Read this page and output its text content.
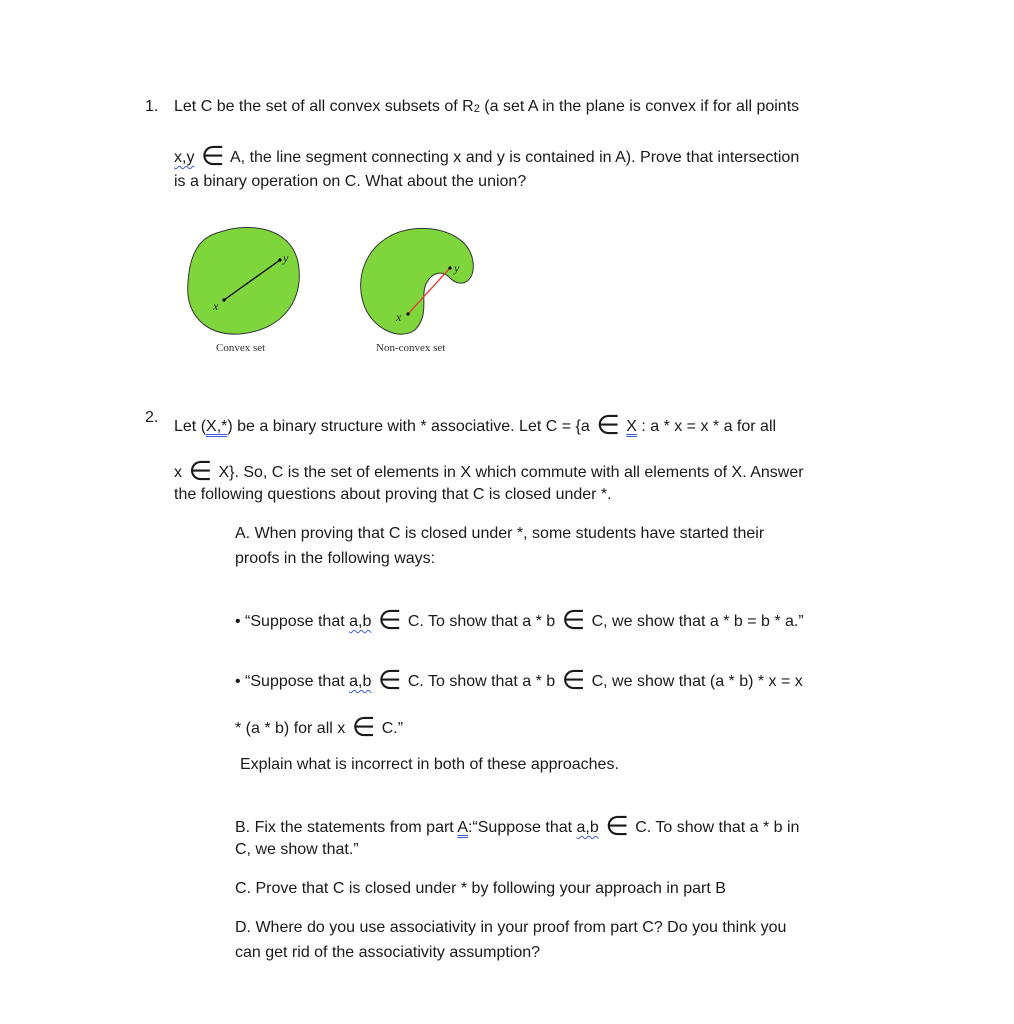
1. Let C be the set of all convex subsets of $R_2$ (a set A in the plane is convex if for all points
x,y ∈ A, the line segment connecting x and y is contained in A). Prove that intersection
is a binary operation on C. What about the union?
x
y
x
y
Convex set	Non-convex set
2.
Let (X,*) be a binary structure with * associative. Let C = {a ∈ X : a * x = x * a for all
x ∈ X}. So, C is the set of elements in X which commute with all elements of X. Answer
the following questions about proving that C is closed under *.
A. When proving that C is closed under *, some students have started their
proofs in the following ways:
• “Suppose that a,b ∈ C. To show that a * b ∈ C, we show that a * b = b * a.”
• “Suppose that a,b ∈ C. To show that a * b ∈ C, we show that (a * b) * x = x
* (a * b) for all x ∈ C.”
Explain what is incorrect in both of these approaches.
B. Fix the statements from part A:“Suppose that a,b ∈ C. To show that a * b in
C, we show that.”
C. Prove that C is closed under * by following your approach in part B
D. Where do you use associativity in your proof from part C? Do you think you
can get rid of the associativity assumption?
